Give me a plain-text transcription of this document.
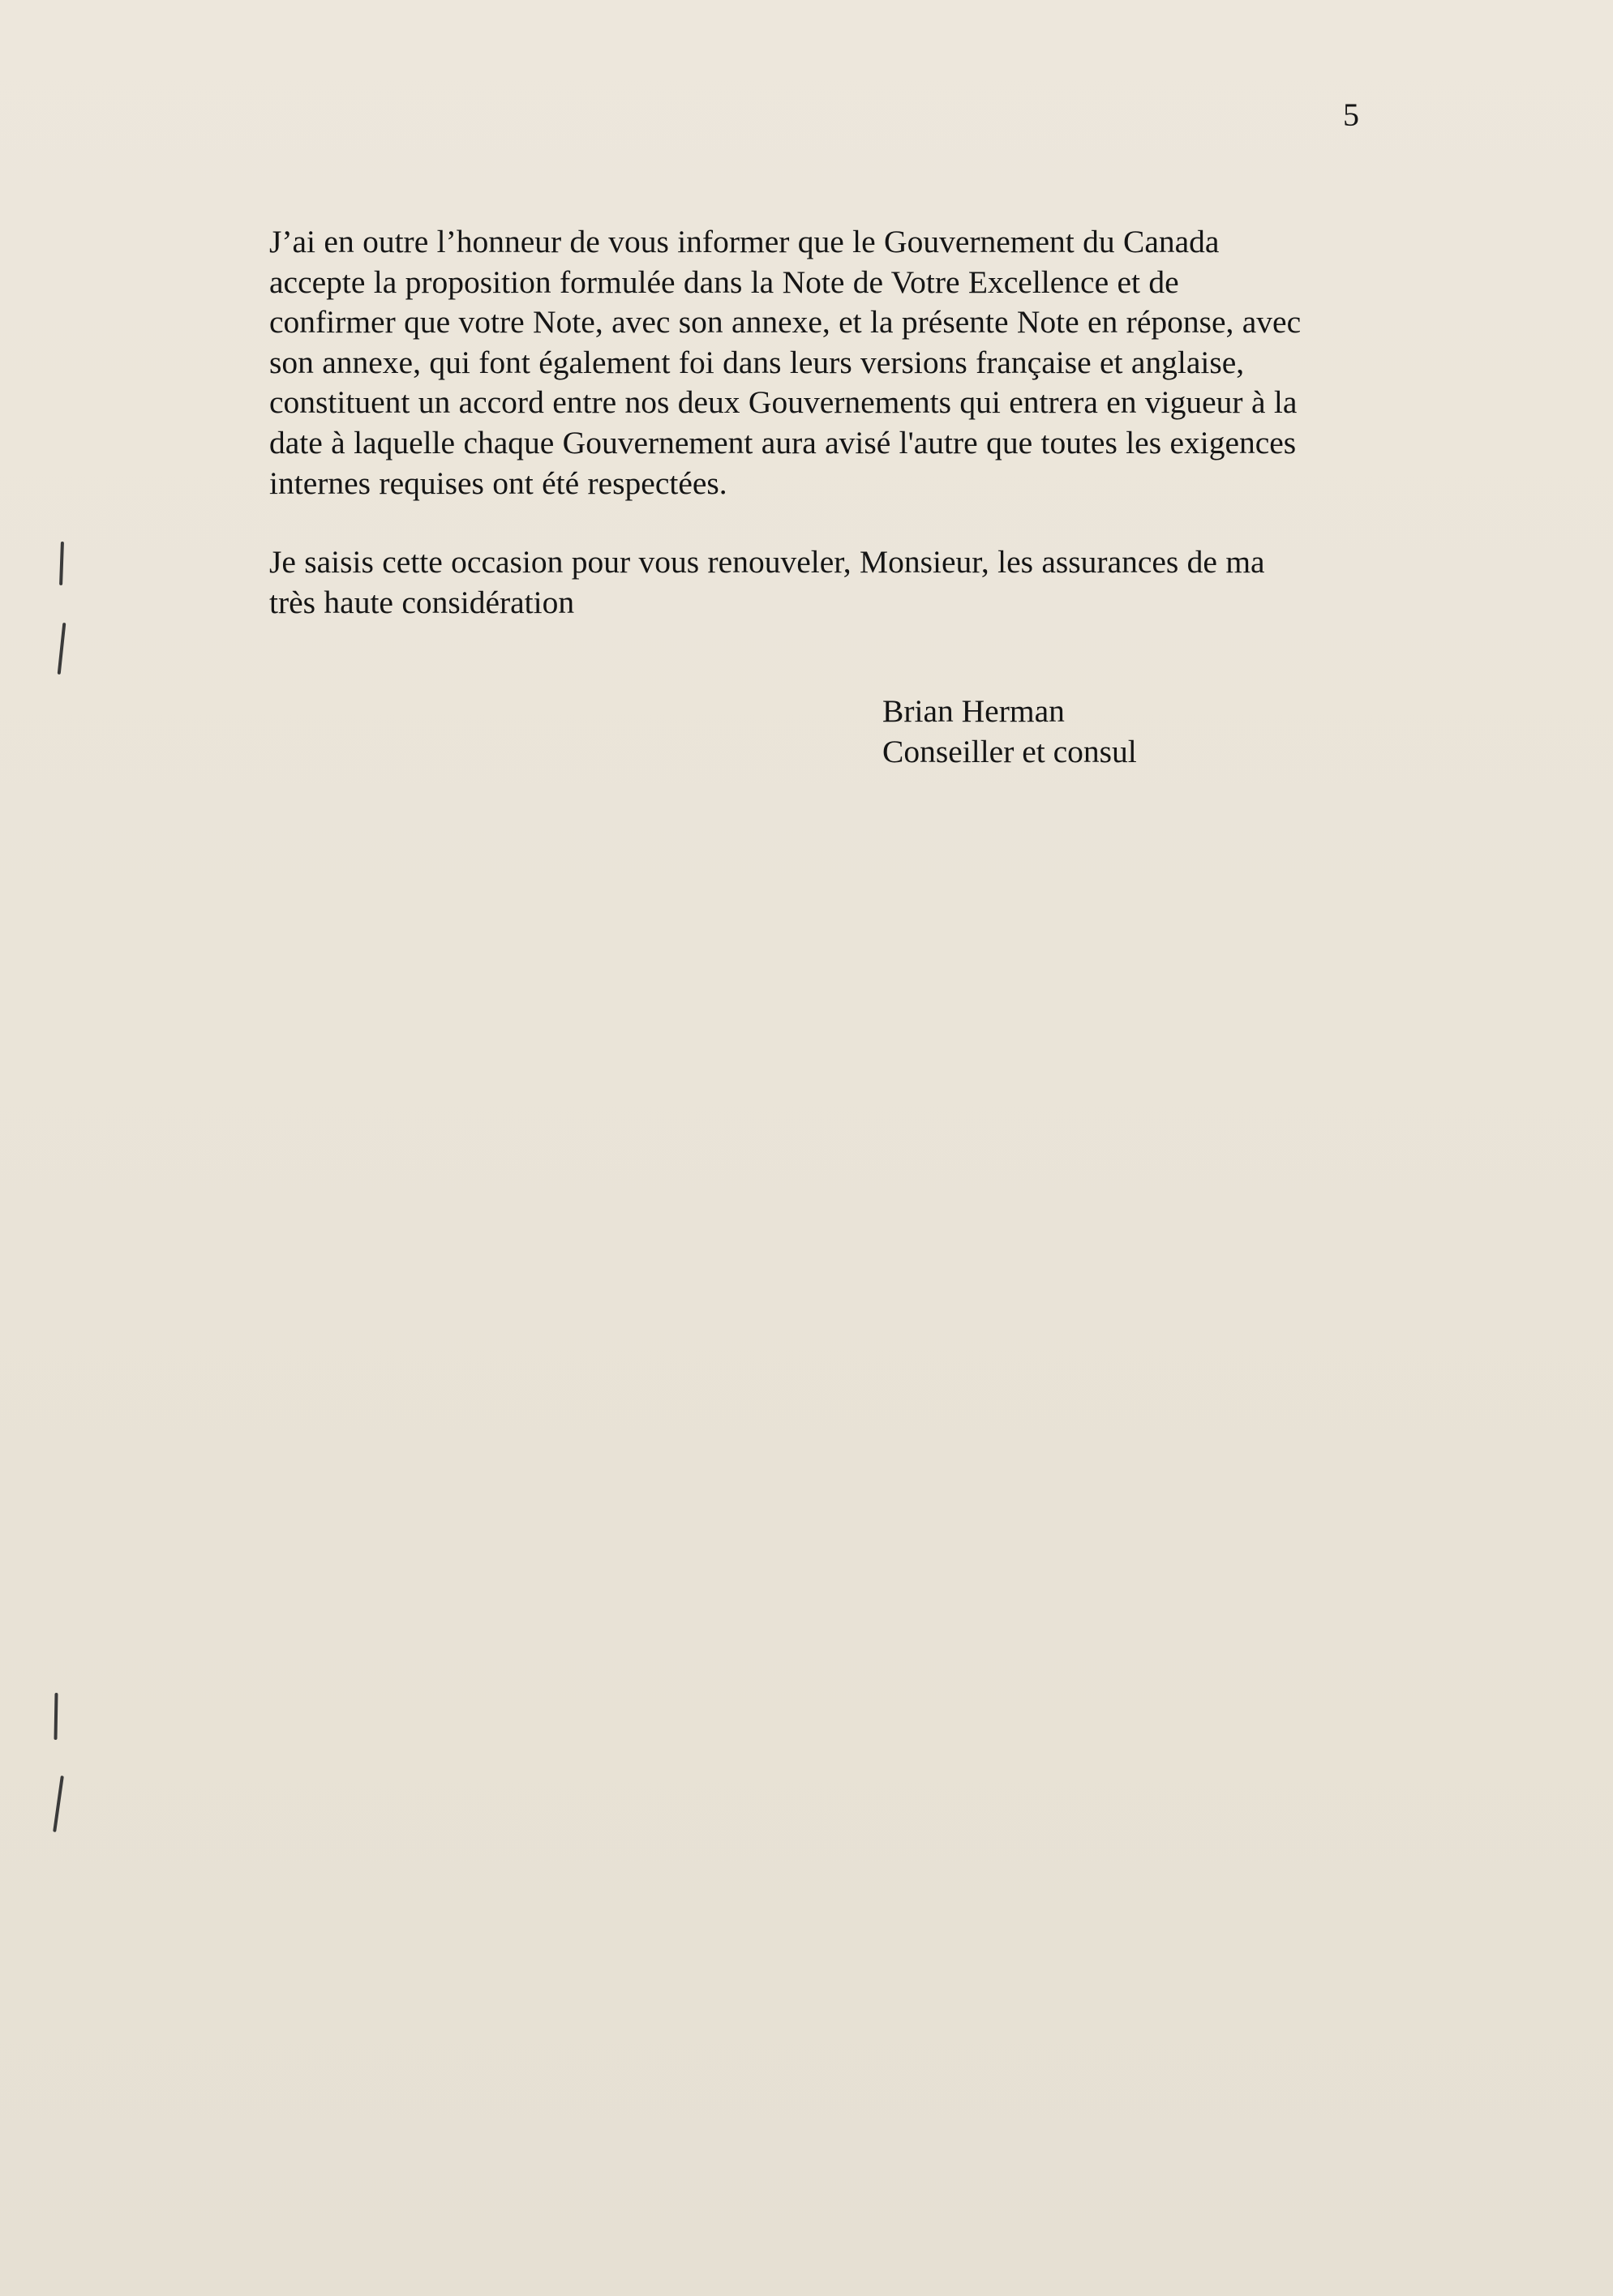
5

J’ai en outre l’honneur de vous informer que le Gouvernement du Canada
accepte la proposition formulée dans la Note de Votre Excellence et de
confirmer que votre Note, avec son annexe, et la présente Note en réponse, avec
son annexe, qui font également foi dans leurs versions française et anglaise,
constituent un accord entre nos deux Gouvernements qui entrera en vigueur à la
date à laquelle chaque Gouvernement aura avisé l'autre que toutes les exigences
internes requises ont été respectées.

Je saisis cette occasion pour vous renouveler, Monsieur, les assurances de ma
très haute considération

Brian Herman
Conseiller et consul
